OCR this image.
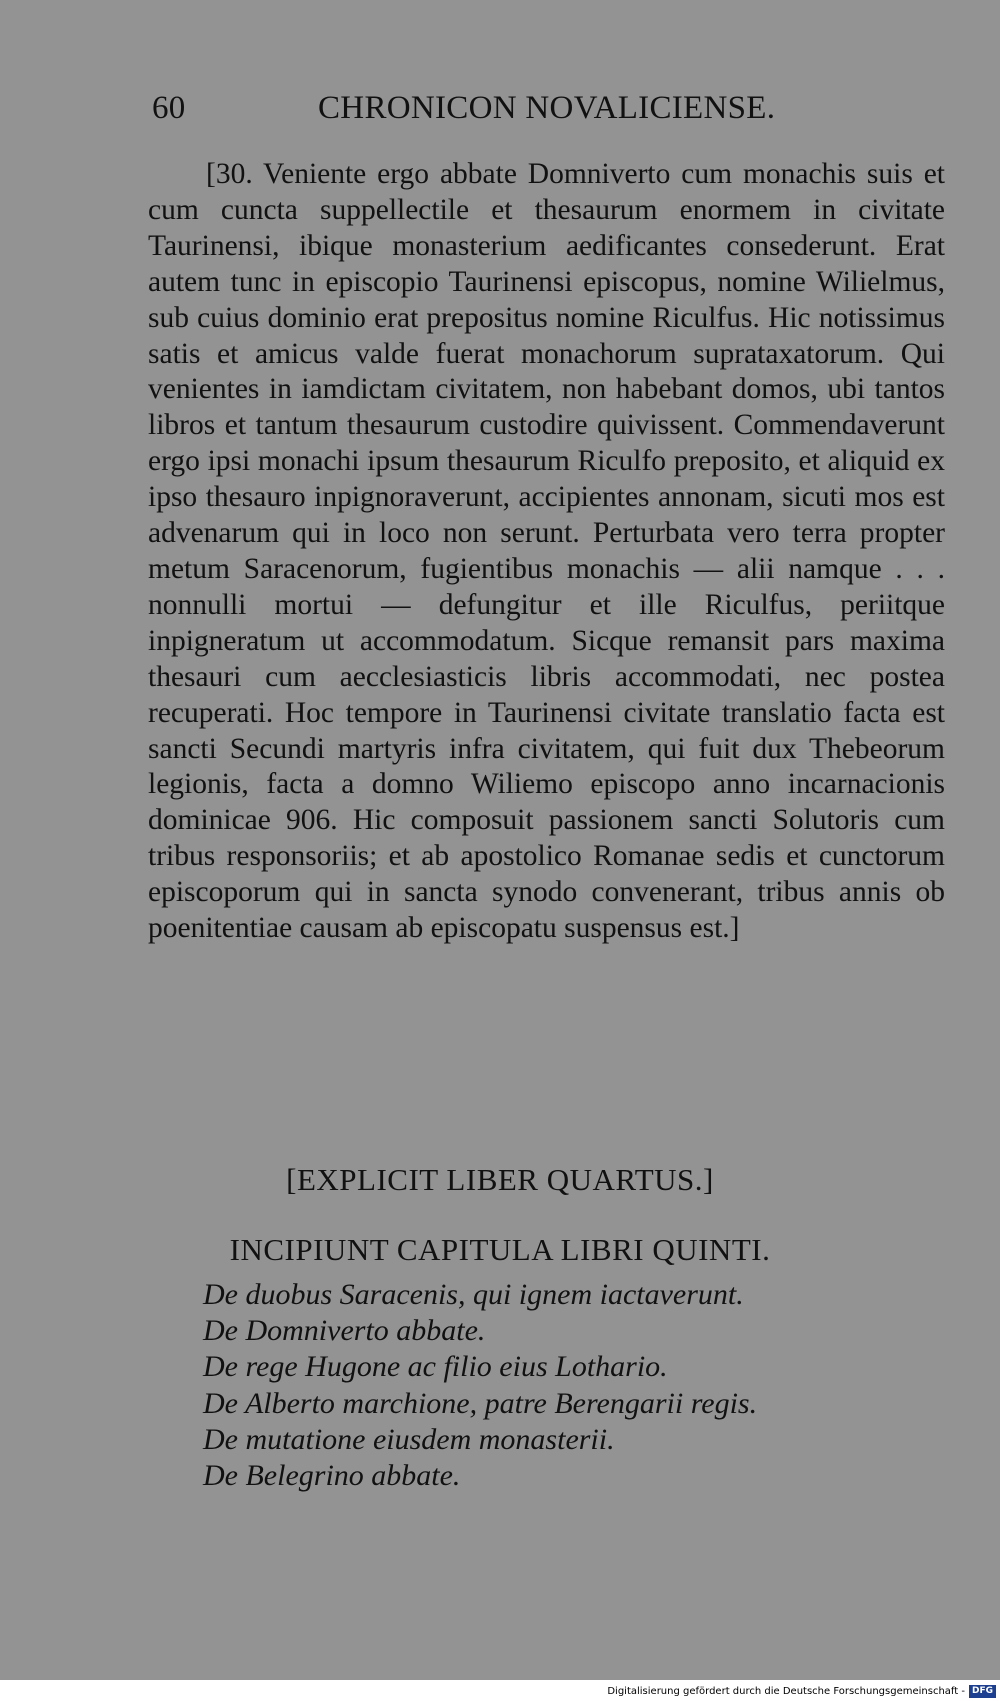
60	CHRONICON NOVALICIENSE.

[30. Veniente ergo abbate Domniverto cum monachis suis et cum cuncta suppellectile et thesaurum enormem in civitate Taurinensi, ibique monasterium aedificantes consederunt. Erat autem tunc in episcopio Taurinensi episcopus, nomine Wilielmus, sub cuius dominio erat prepositus nomine Riculfus. Hic notissimus satis et amicus valde fuerat monachorum suprataxatorum. Qui venientes in iamdictam civitatem, non habebant domos, ubi tantos libros et tantum thesaurum custodire quivissent. Commendaverunt ergo ipsi monachi ipsum thesaurum Riculfo preposito, et aliquid ex ipso thesauro inpignoraverunt, accipientes annonam, sicuti mos est advenarum qui in loco non serunt. Perturbata vero terra propter metum Saracenorum, fugientibus monachis — alii namque . . . nonnulli mortui — defungitur et ille Riculfus, periitque inpigneratum ut accommodatum. Sicque remansit pars maxima thesauri cum aecclesiasticis libris accommodati, nec postea recuperati. Hoc tempore in Taurinensi civitate translatio facta est sancti Secundi martyris infra civitatem, qui fuit dux Thebeorum legionis, facta a domno Wiliemo episcopo anno incarnacionis dominicae 906. Hic composuit passionem sancti Solutoris cum tribus responsoriis; et ab apostolico Romanae sedis et cunctorum episcoporum qui in sancta synodo convenerant, tribus annis ob poenitentiae causam ab episcopatu suspensus est.]

[EXPLICIT LIBER QUARTUS.]
INCIPIUNT CAPITULA LIBRI QUINTI.
De duobus Saracenis, qui ignem iactaverunt.
De Domniverto abbate.
De rege Hugone ac filio eius Lothario.
De Alberto marchione, patre Berengarii regis.
De mutatione eiusdem monasterii.
De Belegrino abbate.
Digitalisierung gefördert durch die Deutsche Forschungsgemeinschaft - DFG
